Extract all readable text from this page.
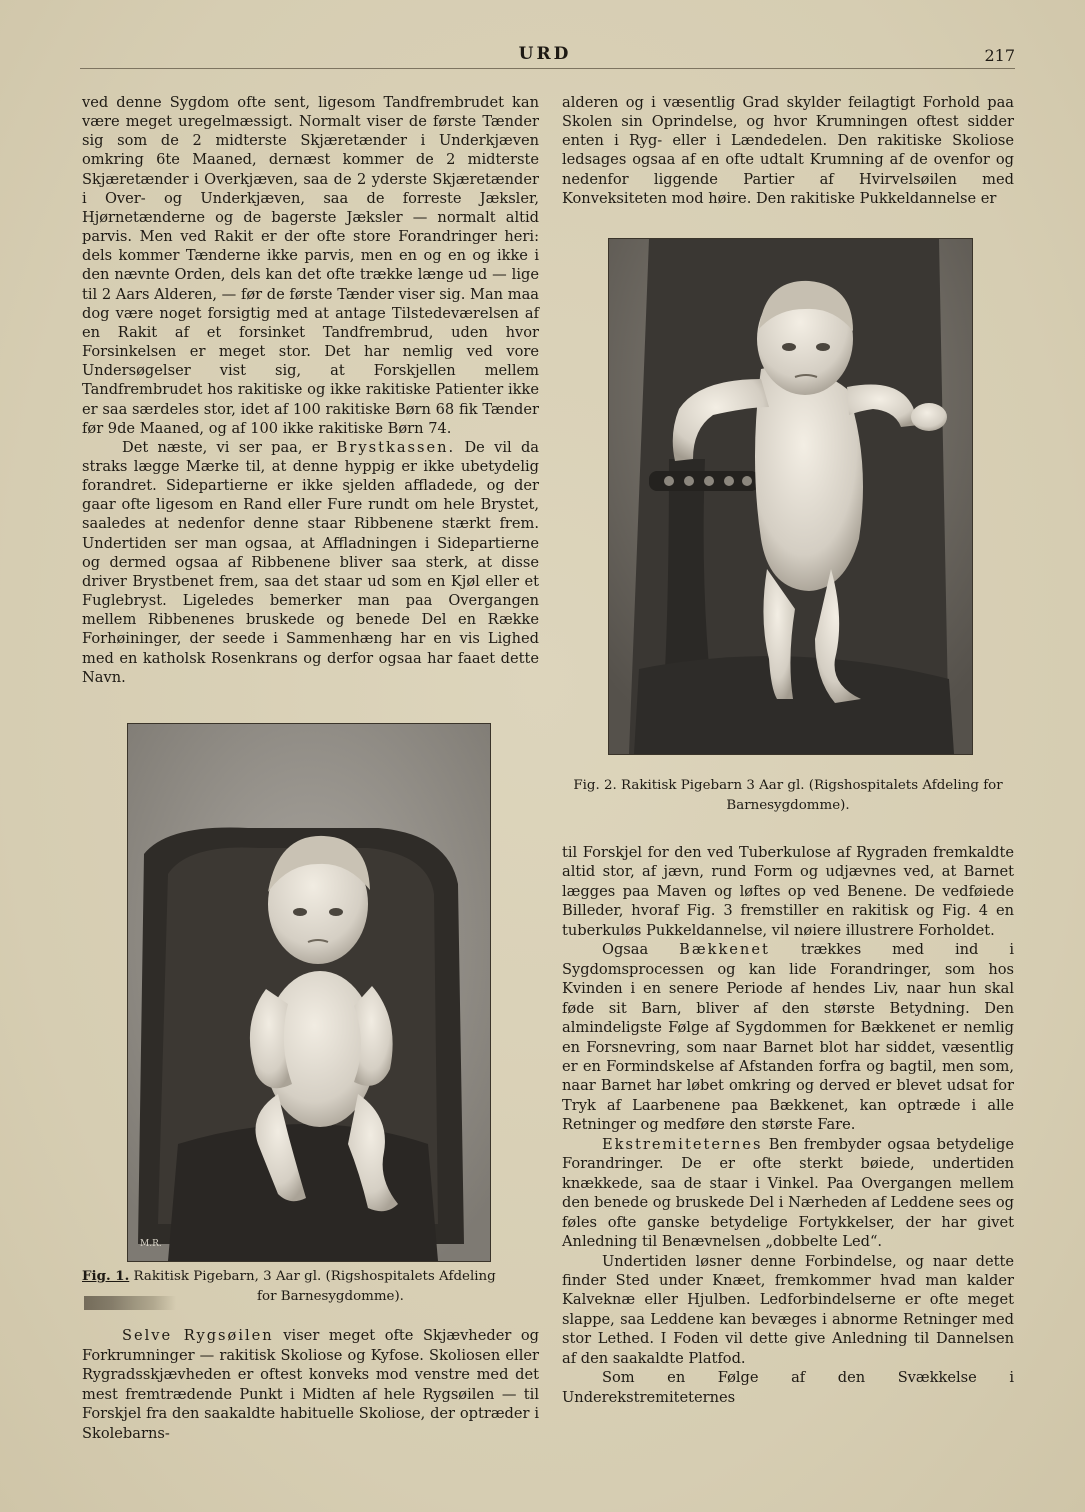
URD	217

ved denne Sygdom ofte sent, ligesom Tandfrembrudet kan være meget uregelmæssigt. Normalt viser de første Tænder sig som de 2 midterste Skjæretænder i Underkjæven omkring 6te Maaned, dernæst kommer de 2 midterste Skjæretænder i Overkjæven, saa de 2 yderste Skjæretænder i Over- og Underkjæven, saa de forreste Jæksler, Hjørnetænderne og de bagerste Jæksler — normalt altid parvis. Men ved Rakit er der ofte store Forandringer heri: dels kommer Tænderne ikke parvis, men en og en og ikke i den nævnte Orden, dels kan det ofte trække længe ud — lige til 2 Aars Alderen, — før de første Tænder viser sig. Man maa dog være noget forsigtig med at antage Tilstedeværelsen af en Rakit af et forsinket Tandfrembrud, uden hvor Forsinkelsen er meget stor. Det har nemlig ved vore Undersøgelser vist sig, at Forskjellen mellem Tandfrembrudet hos rakitiske og ikke rakitiske Patienter ikke er saa særdeles stor, idet af 100 rakitiske Børn 68 fik Tænder før 9de Maaned, og af 100 ikke rakitiske Børn 74.

Det næste, vi ser paa, er Brystkassen. De vil da straks lægge Mærke til, at denne hyppig er ikke ubetydelig forandret. Sidepartierne er ikke sjelden affladede, og der gaar ofte ligesom en Rand eller Fure rundt om hele Brystet, saaledes at nedenfor denne staar Ribbenene stærkt frem. Undertiden ser man ogsaa, at Affladningen i Sidepartierne og dermed ogsaa af Ribbenene bliver saa sterk, at disse driver Brystbenet frem, saa det staar ud som en Kjøl eller et Fuglebryst. Ligeledes bemerker man paa Overgangen mellem Ribbenenes bruskede og benede Del en Række Forhøininger, der seede i Sammenhæng har en vis Lighed med en katholsk Rosenkrans og derfor ogsaa har faaet dette Navn.

M.R.
Fig. 1. Rakitisk Pigebarn, 3 Aar gl. (Rigshospitalets Afdeling
for Barnesygdomme).

Selve Rygsøilen viser meget ofte Skjævheder og Forkrumninger — rakitisk Skoliose og Kyfose. Skoliosen eller Rygradsskjævheden er oftest konveks mod venstre med det mest fremtrædende Punkt i Midten af hele Rygsøilen — til Forskjel fra den saakaldte habituelle Skoliose, der optræder i Skolebarns-

alderen og i væsentlig Grad skylder feilagtigt Forhold paa Skolen sin Oprindelse, og hvor Krumningen oftest sidder enten i Ryg- eller i Lændedelen. Den rakitiske Skoliose ledsages ogsaa af en ofte udtalt Krumning af de ovenfor og nedenfor liggende Partier af Hvirvelsøilen med Konveksiteten mod høire. Den rakitiske Pukkeldannelse er

Fig. 2. Rakitisk Pigebarn 3 Aar gl. (Rigshospitalets Afdeling for Barnesygdomme).

til Forskjel for den ved Tuberkulose af Rygraden fremkaldte altid stor, af jævn, rund Form og udjævnes ved, at Barnet lægges paa Maven og løftes op ved Benene. De vedføiede Billeder, hvoraf Fig. 3 fremstiller en rakitisk og Fig. 4 en tuberkuløs Pukkeldannelse, vil nøiere illustrere Forholdet.

Ogsaa Bækkenet trækkes med ind i Sygdomsprocessen og kan lide Forandringer, som hos Kvinden i en senere Periode af hendes Liv, naar hun skal føde sit Barn, bliver af den største Betydning. Den almindeligste Følge af Sygdommen for Bækkenet er nemlig en Forsnevring, som naar Barnet blot har siddet, væsentlig er en Formindskelse af Afstanden forfra og bagtil, men som, naar Barnet har løbet omkring og derved er blevet udsat for Tryk af Laarbenene paa Bækkenet, kan optræde i alle Retninger og medføre den største Fare.

Ekstremiteternes Ben frembyder ogsaa betydelige Forandringer. De er ofte sterkt bøiede, undertiden knækkede, saa de staar i Vinkel. Paa Overgangen mellem den benede og bruskede Del i Nærheden af Leddene sees og føles ofte ganske betydelige Fortykkelser, der har givet Anledning til Benævnelsen „dobbelte Led“.

Undertiden løsner denne Forbindelse, og naar dette finder Sted under Knæet, fremkommer hvad man kalder Kalveknæ eller Hjulben. Ledforbindelserne er ofte meget slappe, saa Leddene kan bevæges i abnorme Retninger med stor Lethed. I Foden vil dette give Anledning til Dannelsen af den saakaldte Platfod.

Som en Følge af den Svækkelse i Underekstremiteternes
